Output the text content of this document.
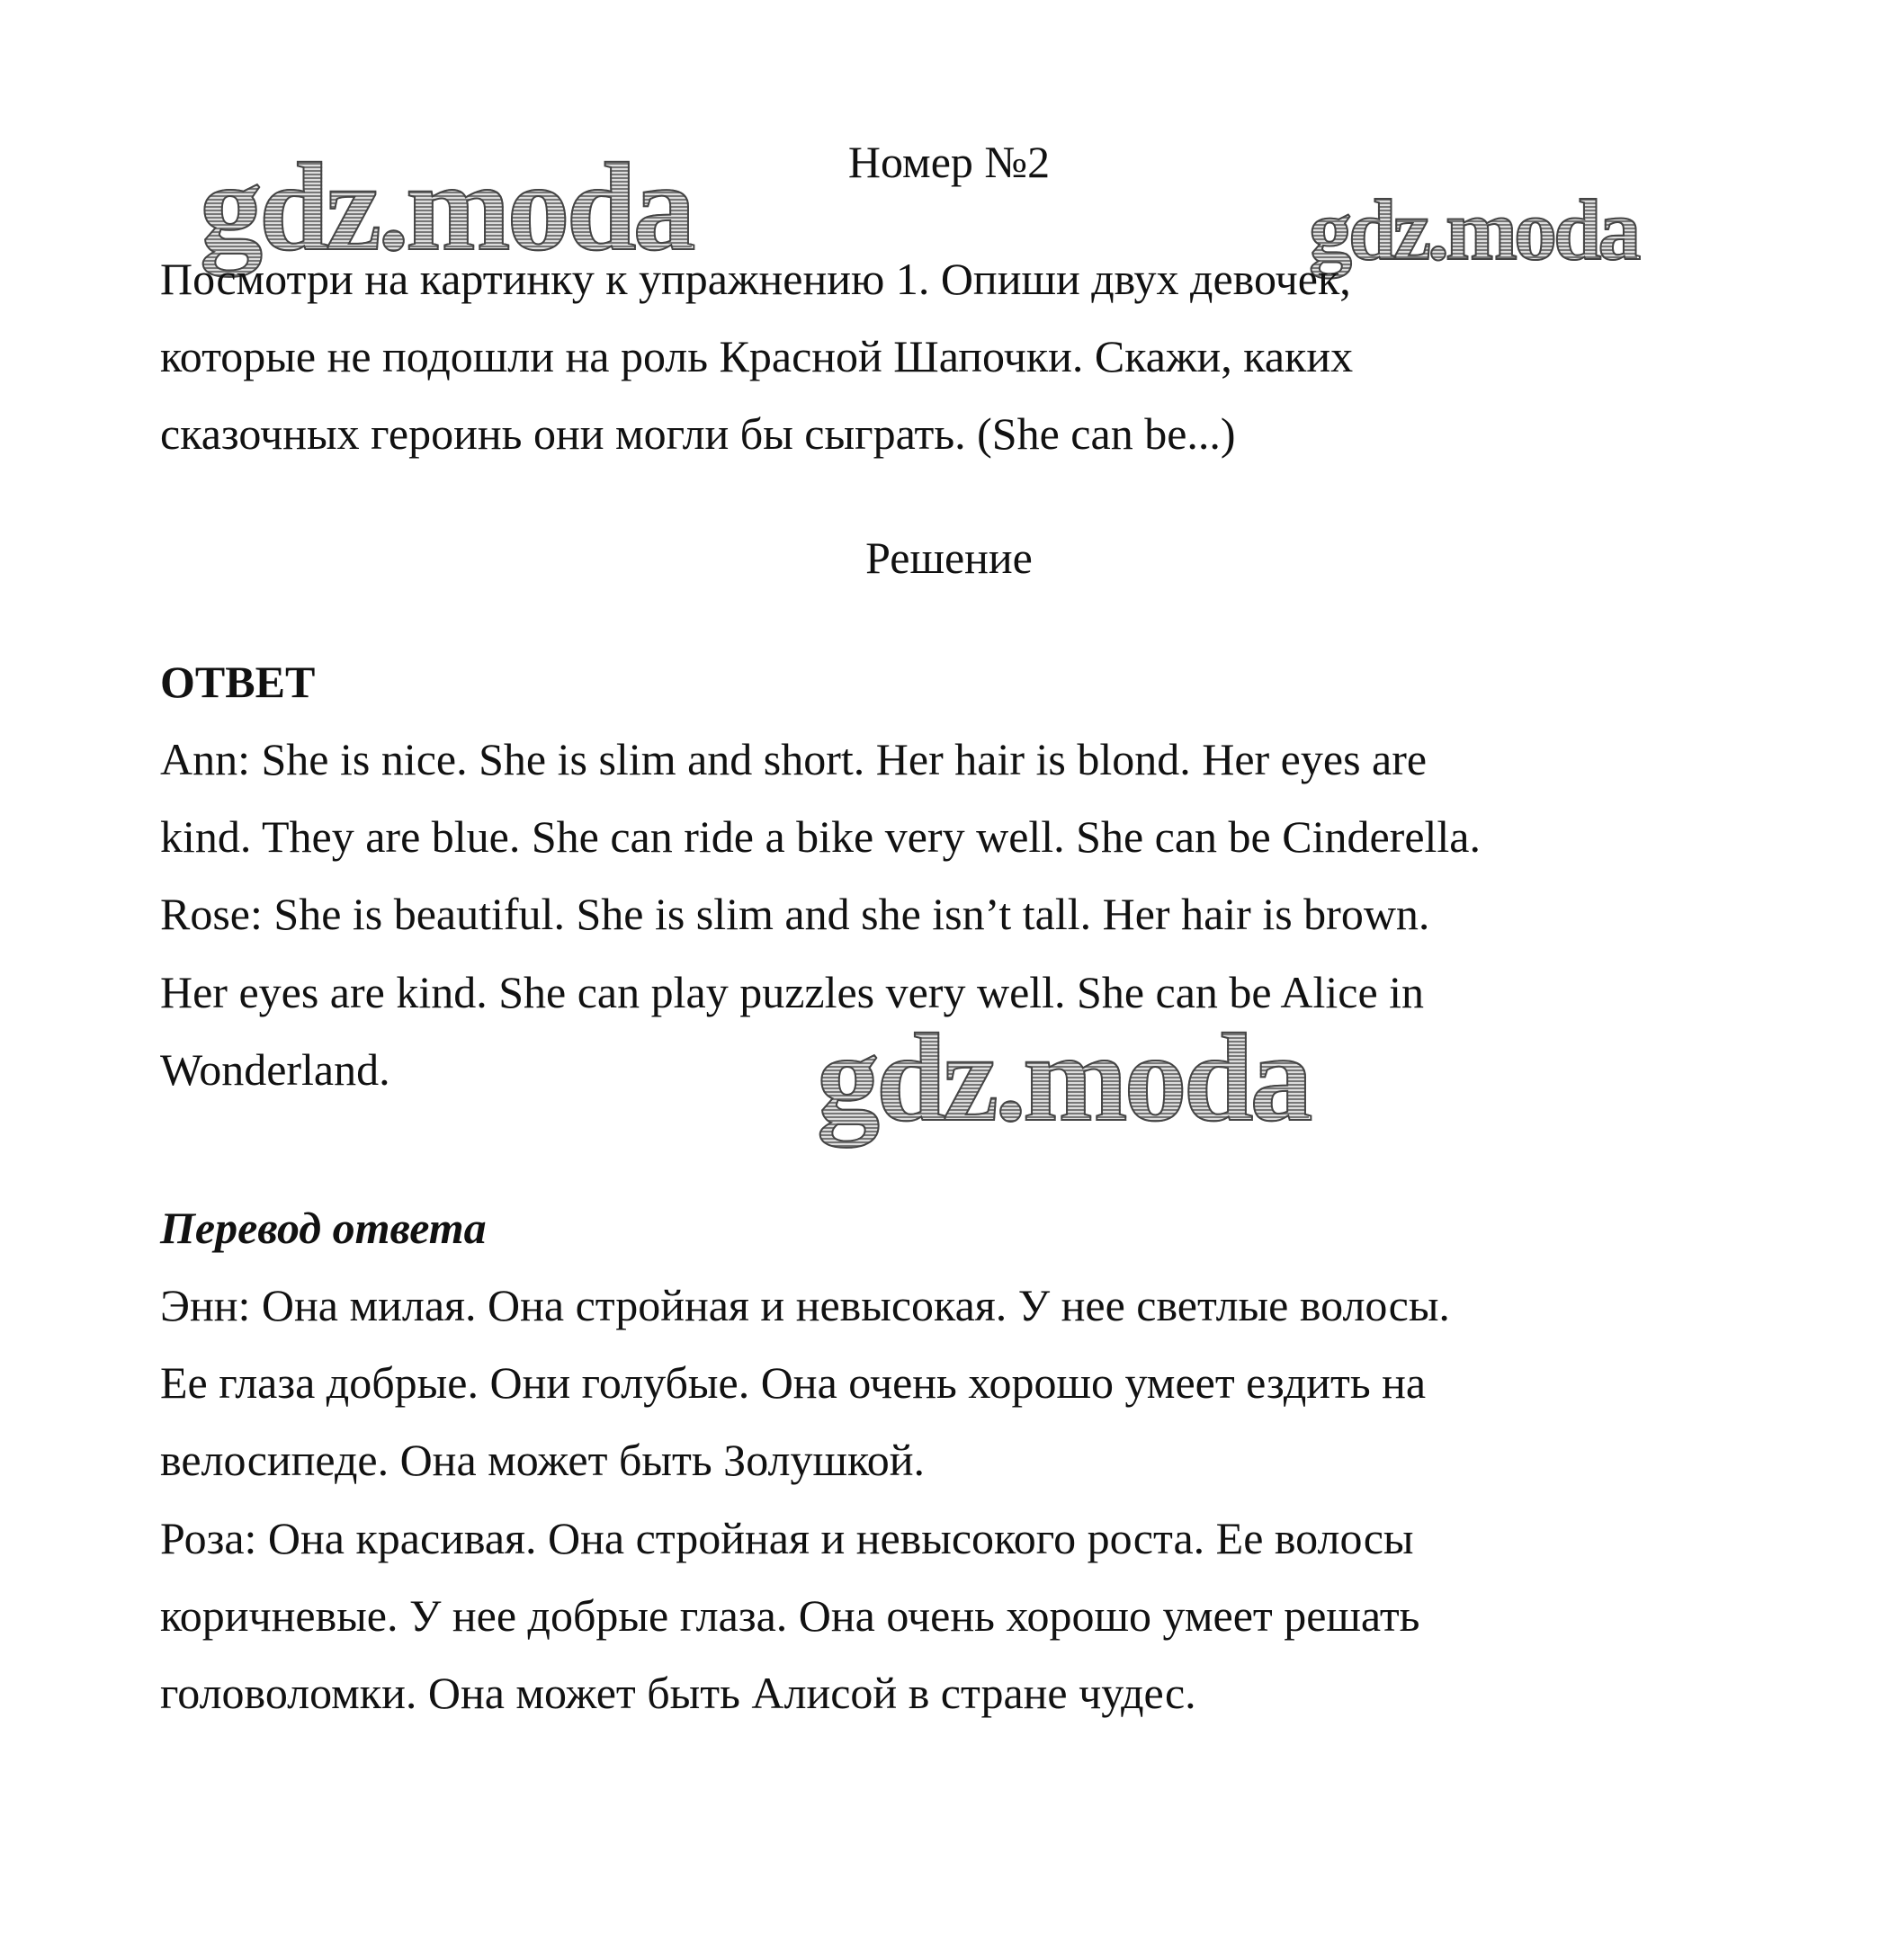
gdz.moda	gdz.moda
gdz.moda
Номер №2
Посмотри на картинку к упражнению 1. Опиши двух девочек,
которые не подошли на роль Красной Шапочки. Скажи, каких
сказочных героинь они могли бы сыграть. (She can be...)
Решение
ОТВЕТ
Ann: She is nice. She is slim and short. Her hair is blond. Her eyes are
kind. They are blue. She can ride a bike very well. She can be Cinderella.
Rose: She is beautiful. She is slim and she isn’t tall. Her hair is brown.
Her eyes are kind. She can play puzzles very well. She can be Alice in
Wonderland.
Перевод ответа
Энн: Она милая. Она стройная и невысокая. У нее светлые волосы.
Ее глаза добрые. Они голубые. Она очень хорошо умеет ездить на
велосипеде. Она может быть Золушкой.
Роза: Она красивая. Она стройная и невысокого роста. Ее волосы
коричневые. У нее добрые глаза. Она очень хорошо умеет решать
головоломки. Она может быть Алисой в стране чудес.
